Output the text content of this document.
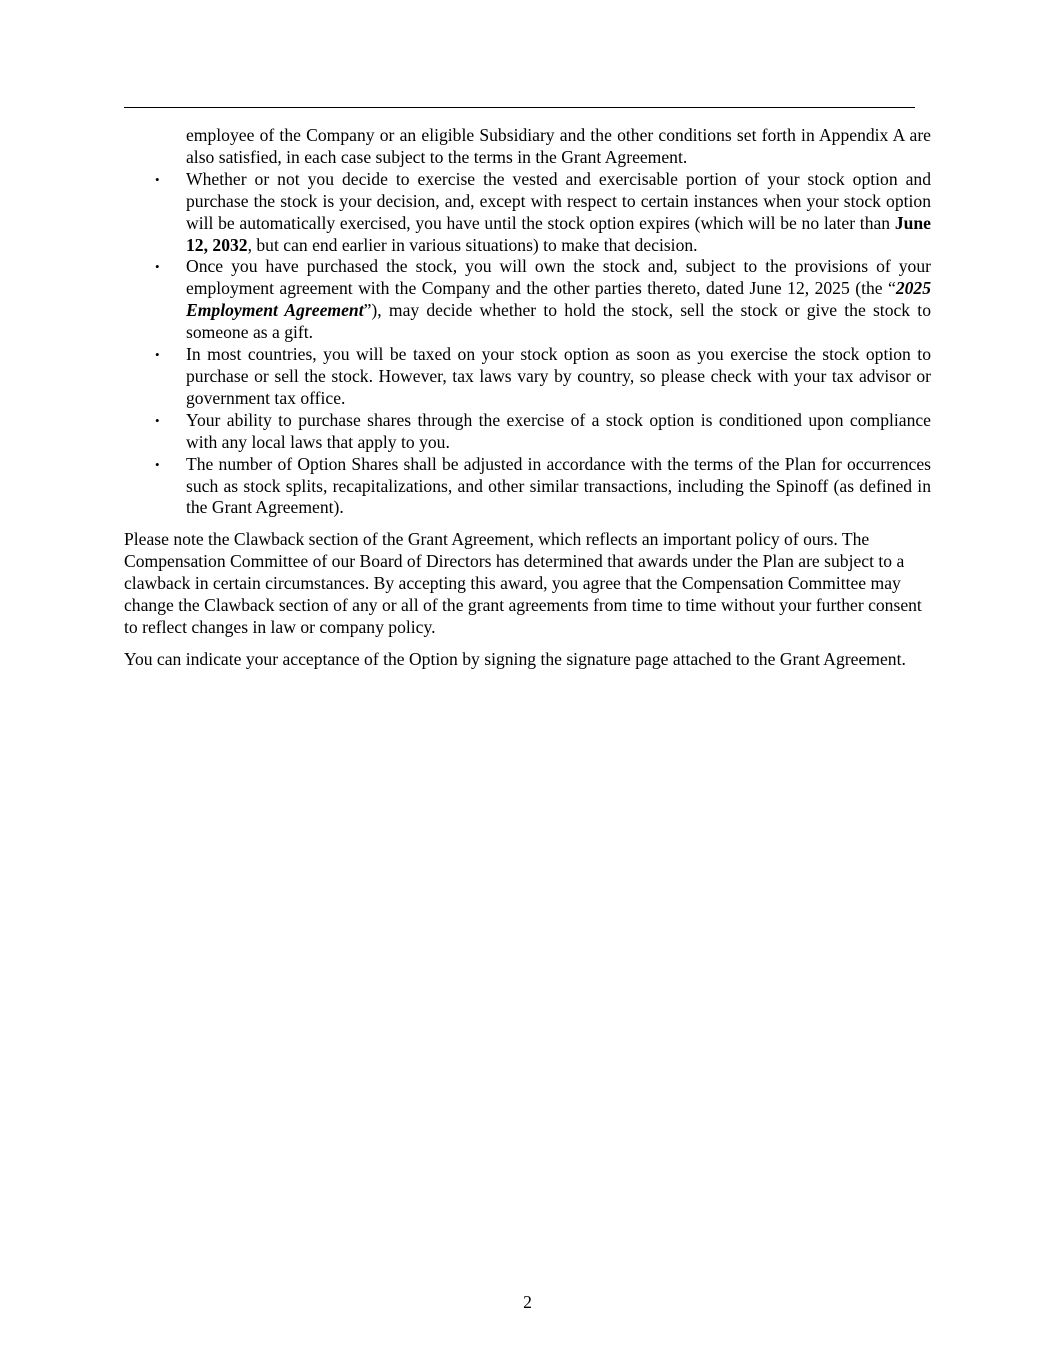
employee of the Company or an eligible Subsidiary and the other conditions set forth in Appendix A are also satisfied, in each case subject to the terms in the Grant Agreement.

• Whether or not you decide to exercise the vested and exercisable portion of your stock option and purchase the stock is your decision, and, except with respect to certain instances when your stock option will be automatically exercised, you have until the stock option expires (which will be no later than June 12, 2032, but can end earlier in various situations) to make that decision.
• Once you have purchased the stock, you will own the stock and, subject to the provisions of your employment agreement with the Company and the other parties thereto, dated June 12, 2025 (the “2025 Employment Agreement”), may decide whether to hold the stock, sell the stock or give the stock to someone as a gift.
• In most countries, you will be taxed on your stock option as soon as you exercise the stock option to purchase or sell the stock. However, tax laws vary by country, so please check with your tax advisor or government tax office.
• Your ability to purchase shares through the exercise of a stock option is conditioned upon compliance with any local laws that apply to you.
• The number of Option Shares shall be adjusted in accordance with the terms of the Plan for occurrences such as stock splits, recapitalizations, and other similar transactions, including the Spinoff (as defined in the Grant Agreement).

Please note the Clawback section of the Grant Agreement, which reflects an important policy of ours. The Compensation Committee of our Board of Directors has determined that awards under the Plan are subject to a clawback in certain circumstances. By accepting this award, you agree that the Compensation Committee may change the Clawback section of any or all of the grant agreements from time to time without your further consent to reflect changes in law or company policy.

You can indicate your acceptance of the Option by signing the signature page attached to the Grant Agreement.

2
